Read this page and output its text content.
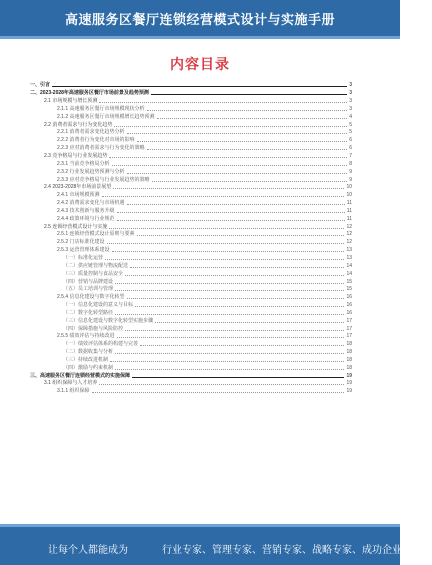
高速服务区餐厅连锁经营模式设计与实施手册
内容目录
一、引言	3
二、2023-2028年高速服务区餐厅市场前景及趋势预测	3
2.1 市场规模与增长预测	3
2.1.1 高速服务区餐厅市场规模现状分析	3
2.1.2 高速服务区餐厅市场规模增长趋势预测	4
2.2 消费者需求与行为变化趋势	5
2.2.1 消费者需求变化趋势分析	5
2.2.2 消费者行为变化对市场的影响	6
2.2.3 应对消费者需求与行为变化的策略	6
2.3 竞争格局与行业发展趋势	7
2.3.1 当前竞争格局分析	8
2.3.2 行业发展趋势预测与分析	9
2.3.3 应对竞争格局与行业发展趋势的策略	9
2.4 2023-2028年市场前景展望	10
2.4.1 市场规模预测	10
2.4.2 消费需求变化与市场机遇	11
2.4.3 技术创新与服务升级	11
2.4.4 政策环境与行业规范	11
2.5 连锁经营模式设计与实施	12
2.5.1 连锁经营模式设计原则与要素	12
2.5.2 门店标准化建设	12
2.5.3 运营管理体系建设	13
（一）标准化运营	13
（二）供应链管理与物流配送	14
（三）质量控制与食品安全	14
（四）营销与品牌建设	15
（五）员工培训与管理	15
2.5.4 信息化建设与数字化转型	16
（一）信息化建设的意义与目标	16
（二）数字化转型路径	16
（三）信息化建设与数字化转型实施步骤	17
（四）保障措施与风险防控	17
2.5.5 绩效评估与持续改进	17
（一）绩效评估体系的构建与完善	18
（二）数据收集与分析	18
（三）持续改进机制	18
（四）激励与约束机制	18
三、高速服务区餐厅连锁经营模式的实施保障	19
3.1 组织保障与人才培养	19
3.1.1 组织保障	19
让每个人都能成为	行业专家、管理专家、营销专家、战略专家、成功企业家……
